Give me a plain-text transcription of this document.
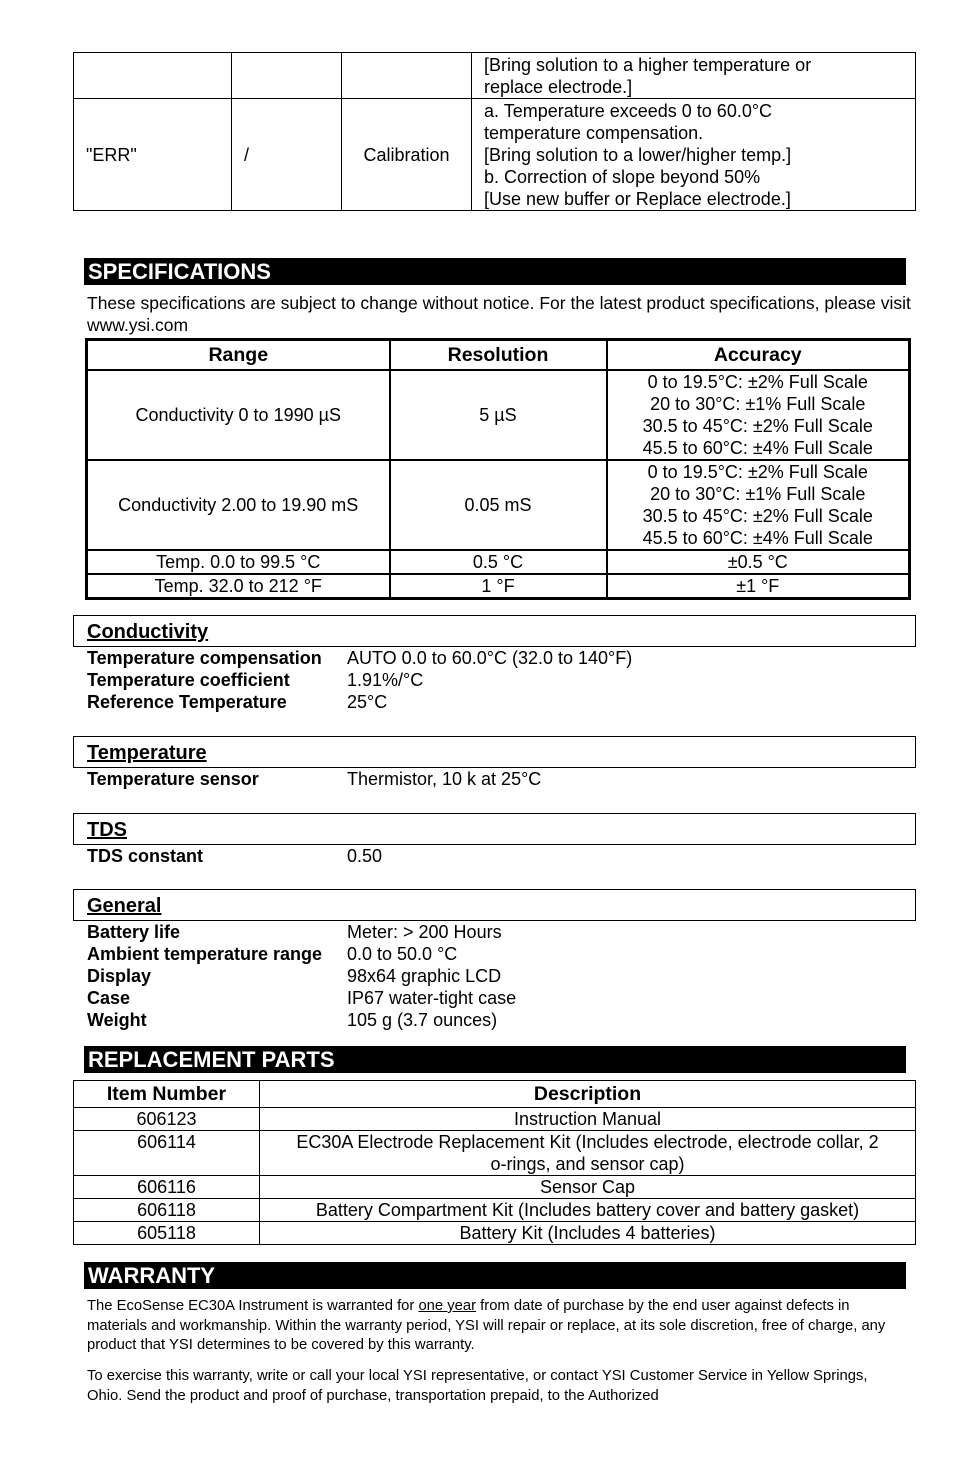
			[Bring solution to a higher temperature or
replace electrode.]

"ERR"	/	Calibration	a. Temperature exceeds 0 to 60.0°C
temperature compensation.
[Bring solution to a lower/higher temp.]
b. Correction of slope beyond 50%
[Use new buffer or Replace electrode.]
SPECIFICATIONS
These specifications are subject to change without notice. For the latest product specifications, please visit www.ysi.com
Range	Resolution	Accuracy
Conductivity 0 to 1990 µS	5 µS	0 to 19.5°C: ±2% Full Scale
20 to 30°C: ±1% Full Scale
30.5 to 45°C: ±2% Full Scale
45.5 to 60°C: ±4% Full Scale

Conductivity 2.00 to 19.90 mS	0.05 mS	0 to 19.5°C: ±2% Full Scale
20 to 30°C: ±1% Full Scale
30.5 to 45°C: ±2% Full Scale
45.5 to 60°C: ±4% Full Scale

Temp. 0.0 to 99.5 °C	0.5 °C	±0.5 °C
Temp. 32.0 to 212 °F	1 °F	±1 °F
Conductivity
Temperature compensation AUTO 0.0 to 60.0°C (32.0 to 140°F)
Temperature coefficient	1.91%/°C
Reference Temperature	25°C
Temperature
Temperature sensor	Thermistor, 10 k at 25°C
TDS
TDS constant	0.50
General
Battery life	Meter: > 200 Hours
Ambient temperature range 0.0 to 50.0 °C
Display	98x64 graphic LCD
Case	IP67 water-tight case
Weight	105 g (3.7 ounces)
REPLACEMENT PARTS
Item Number	Description
606123	Instruction Manual
606114	EC30A Electrode Replacement Kit (Includes electrode, electrode collar, 2
o-rings, and sensor cap)

606116	Sensor Cap
606118	Battery Compartment Kit (Includes battery cover and battery gasket)
605118	Battery Kit (Includes 4 batteries)
WARRANTY
The EcoSense EC30A Instrument is warranted for one year from date of purchase by the end user against defects in materials and workmanship. Within the warranty period, YSI will repair or replace, at its sole discretion, free of charge, any product that YSI determines to be covered by this warranty.
To exercise this warranty, write or call your local YSI representative, or contact YSI Customer Service in Yellow Springs, Ohio. Send the product and proof of purchase, transportation prepaid, to the Authorized
